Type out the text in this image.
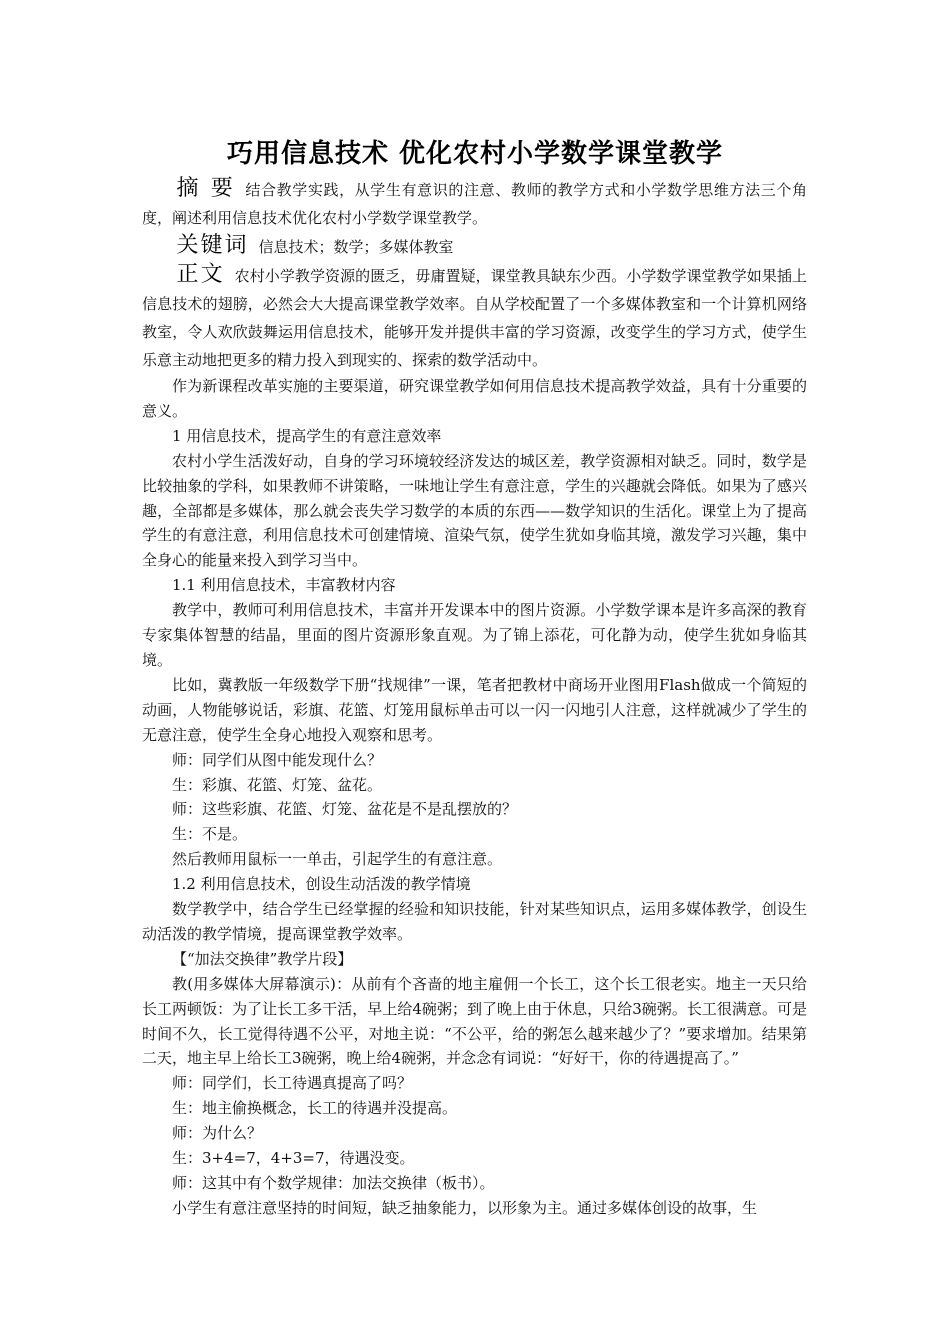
巧用信息技术 优化农村小学数学课堂教学

摘 要 结合教学实践，从学生有意识的注意、教师的教学方式和小学数学思维方法三个角度，阐述利用信息技术优化农村小学数学课堂教学。

关键词 信息技术；数学；多媒体教室

正文 农村小学教学资源的匮乏，毋庸置疑，课堂教具缺东少西。小学数学课堂教学如果插上信息技术的翅膀，必然会大大提高课堂教学效率。自从学校配置了一个多媒体教室和一个计算机网络教室，令人欢欣鼓舞运用信息技术，能够开发并提供丰富的学习资源，改变学生的学习方式，使学生乐意主动地把更多的精力投入到现实的、探索的数学活动中。

作为新课程改革实施的主要渠道，研究课堂教学如何用信息技术提高教学效益，具有十分重要的意义。

1 用信息技术，提高学生的有意注意效率

农村小学生活泼好动，自身的学习环境较经济发达的城区差，教学资源相对缺乏。同时，数学是比较抽象的学科，如果教师不讲策略，一味地让学生有意注意，学生的兴趣就会降低。如果为了感兴趣，全部都是多媒体，那么就会丧失学习数学的本质的东西——数学知识的生活化。课堂上为了提高学生的有意注意，利用信息技术可创建情境、渲染气氛，使学生犹如身临其境，激发学习兴趣，集中全身心的能量来投入到学习当中。

1.1 利用信息技术，丰富教材内容

教学中，教师可利用信息技术，丰富并开发课本中的图片资源。小学数学课本是许多高深的教育专家集体智慧的结晶，里面的图片资源形象直观。为了锦上添花，可化静为动，使学生犹如身临其境。

比如，冀教版一年级数学下册“找规律”一课，笔者把教材中商场开业图用Flash做成一个简短的动画，人物能够说话，彩旗、花篮、灯笼用鼠标单击可以一闪一闪地引人注意，这样就减少了学生的无意注意，使学生全身心地投入观察和思考。

师：同学们从图中能发现什么？

生：彩旗、花篮、灯笼、盆花。

师：这些彩旗、花篮、灯笼、盆花是不是乱摆放的？

生：不是。

然后教师用鼠标一一单击，引起学生的有意注意。

1.2 利用信息技术，创设生动活泼的教学情境

数学教学中，结合学生已经掌握的经验和知识技能，针对某些知识点，运用多媒体教学，创设生动活泼的教学情境，提高课堂教学效率。

【“加法交换律”教学片段】

教(用多媒体大屏幕演示)：从前有个吝啬的地主雇佣一个长工，这个长工很老实。地主一天只给长工两顿饭：为了让长工多干活，早上给4碗粥；到了晚上由于休息，只给3碗粥。长工很满意。可是时间不久，长工觉得待遇不公平，对地主说：“不公平，给的粥怎么越来越少了？”要求增加。结果第二天，地主早上给长工3碗粥，晚上给4碗粥，并念念有词说：“好好干，你的待遇提高了。”

师：同学们，长工待遇真提高了吗？

生：地主偷换概念，长工的待遇并没提高。

师：为什么？

生：3+4=7，4+3=7，待遇没变。

师：这其中有个数学规律：加法交换律（板书）。

小学生有意注意坚持的时间短，缺乏抽象能力，以形象为主。通过多媒体创设的故事，生
